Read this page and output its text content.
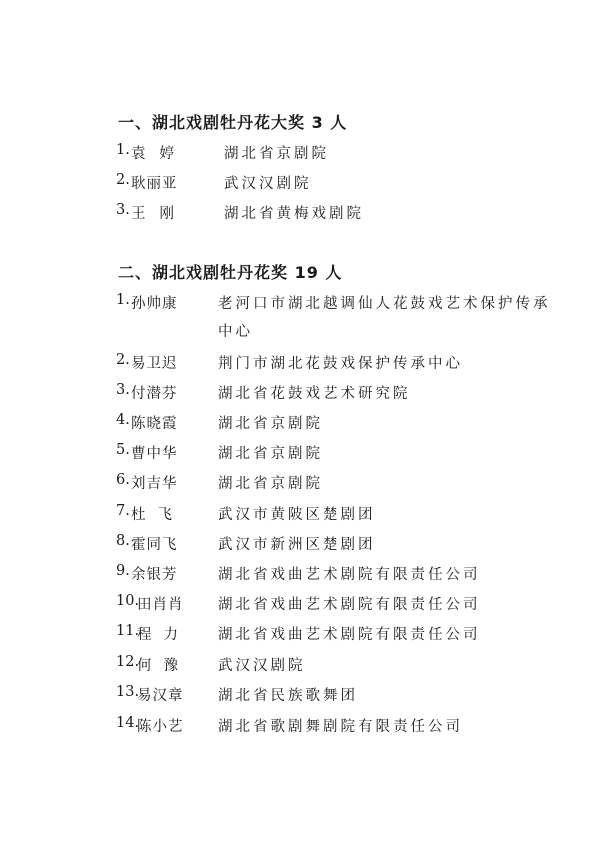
一、湖北戏剧牡丹花大奖 3 人
1. 袁婷 湖北省京剧院
2. 耿丽亚	武汉汉剧院
3. 王刚 湖北省黄梅戏剧院
二、湖北戏剧牡丹花奖 19 人
1. 孙帅康	老河口市湖北越调仙人花鼓戏艺术保护传承
中心
2. 易卫迟	荆门市湖北花鼓戏保护传承中心
3. 付潜芬	湖北省花鼓戏艺术研究院
4. 陈晓霞	湖北省京剧院
5. 曹中华	湖北省京剧院
6. 刘吉华	湖北省京剧院
7. 杜飞 武汉市黄陂区楚剧团
8. 霍同飞	武汉市新洲区楚剧团
9. 余银芳	湖北省戏曲艺术剧院有限责任公司
10.
田肖肖 湖北省戏曲艺术剧院有限责任公司
11.
程力 湖北省戏曲艺术剧院有限责任公司
12.
何豫 武汉汉剧院
13.
易汉章 湖北省民族歌舞团
14.
陈小艺 湖北省歌剧舞剧院有限责任公司
